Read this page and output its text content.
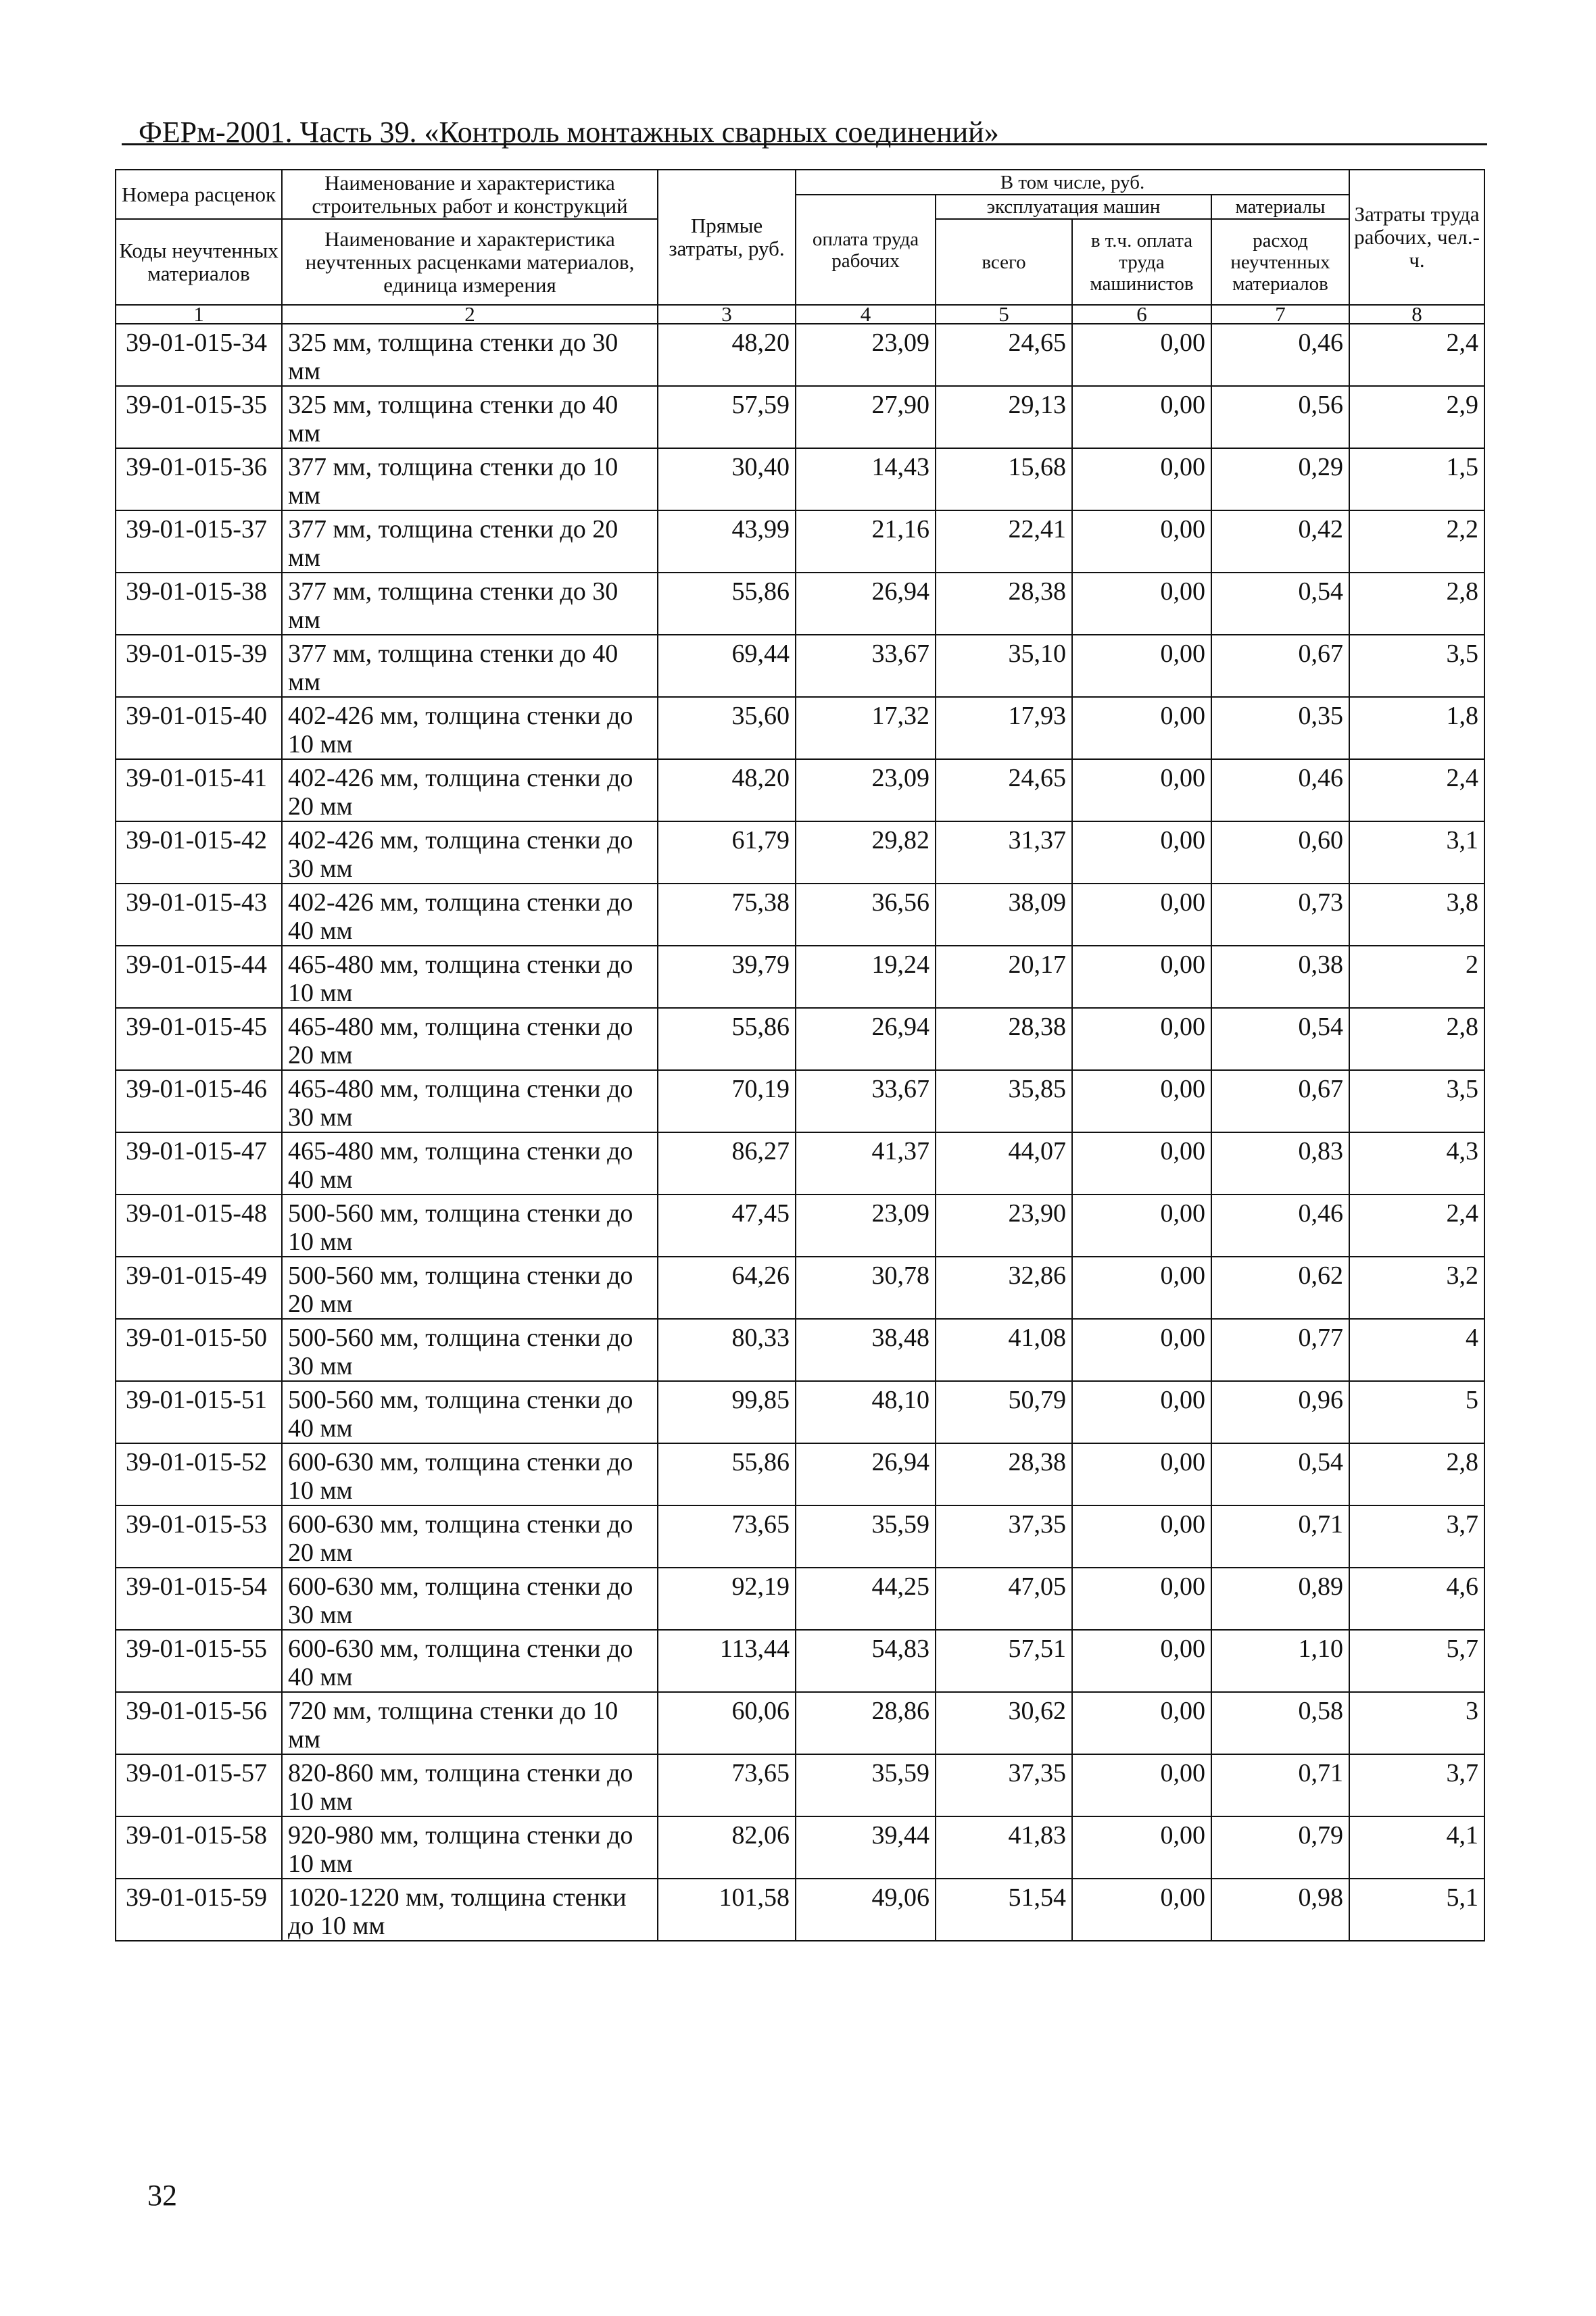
ФЕРм-2001. Часть 39. «Контроль монтажных сварных соединений»
Номера расценок	Наименование и характеристика строительных работ и конструкций	Прямые затраты, руб.	В том числе, руб.				Затраты труда рабочих, чел.-ч.
			оплата труда рабочих	эксплуатация машин		материалы	
Коды неучтенных материалов	Наименование и характеристика неучтенных расценками материалов, единица измерения			всего	в т.ч. оплата труда машинистов	расход неучтенных материалов	

1	2	3	4	5	6	7	8
39-01-015-34	325 мм, толщина стенки до 30 мм	48,20	23,09	24,65	0,00	0,46	2,4
39-01-015-35	325 мм, толщина стенки до 40 мм	57,59	27,90	29,13	0,00	0,56	2,9
39-01-015-36	377 мм, толщина стенки до 10 мм	30,40	14,43	15,68	0,00	0,29	1,5
39-01-015-37	377 мм, толщина стенки до 20 мм	43,99	21,16	22,41	0,00	0,42	2,2
39-01-015-38	377 мм, толщина стенки до 30 мм	55,86	26,94	28,38	0,00	0,54	2,8
39-01-015-39	377 мм, толщина стенки до 40 мм	69,44	33,67	35,10	0,00	0,67	3,5
39-01-015-40	402-426 мм, толщина стенки до 10 мм	35,60	17,32	17,93	0,00	0,35	1,8
39-01-015-41	402-426 мм, толщина стенки до 20 мм	48,20	23,09	24,65	0,00	0,46	2,4
39-01-015-42	402-426 мм, толщина стенки до 30 мм	61,79	29,82	31,37	0,00	0,60	3,1
39-01-015-43	402-426 мм, толщина стенки до 40 мм	75,38	36,56	38,09	0,00	0,73	3,8
39-01-015-44	465-480 мм, толщина стенки до 10 мм	39,79	19,24	20,17	0,00	0,38	2
39-01-015-45	465-480 мм, толщина стенки до 20 мм	55,86	26,94	28,38	0,00	0,54	2,8
39-01-015-46	465-480 мм, толщина стенки до 30 мм	70,19	33,67	35,85	0,00	0,67	3,5
39-01-015-47	465-480 мм, толщина стенки до 40 мм	86,27	41,37	44,07	0,00	0,83	4,3
39-01-015-48	500-560 мм, толщина стенки до 10 мм	47,45	23,09	23,90	0,00	0,46	2,4
39-01-015-49	500-560 мм, толщина стенки до 20 мм	64,26	30,78	32,86	0,00	0,62	3,2
39-01-015-50	500-560 мм, толщина стенки до 30 мм	80,33	38,48	41,08	0,00	0,77	4
39-01-015-51	500-560 мм, толщина стенки до 40 мм	99,85	48,10	50,79	0,00	0,96	5
39-01-015-52	600-630 мм, толщина стенки до 10 мм	55,86	26,94	28,38	0,00	0,54	2,8
39-01-015-53	600-630 мм, толщина стенки до 20 мм	73,65	35,59	37,35	0,00	0,71	3,7
39-01-015-54	600-630 мм, толщина стенки до 30 мм	92,19	44,25	47,05	0,00	0,89	4,6
39-01-015-55	600-630 мм, толщина стенки до 40 мм	113,44	54,83	57,51	0,00	1,10	5,7
39-01-015-56	720 мм, толщина стенки до 10 мм	60,06	28,86	30,62	0,00	0,58	3
39-01-015-57	820-860 мм, толщина стенки до 10 мм	73,65	35,59	37,35	0,00	0,71	3,7
39-01-015-58	920-980 мм, толщина стенки до 10 мм	82,06	39,44	41,83	0,00	0,79	4,1
39-01-015-59	1020-1220 мм, толщина стенки до 10 мм	101,58	49,06	51,54	0,00	0,98	5,1
32
